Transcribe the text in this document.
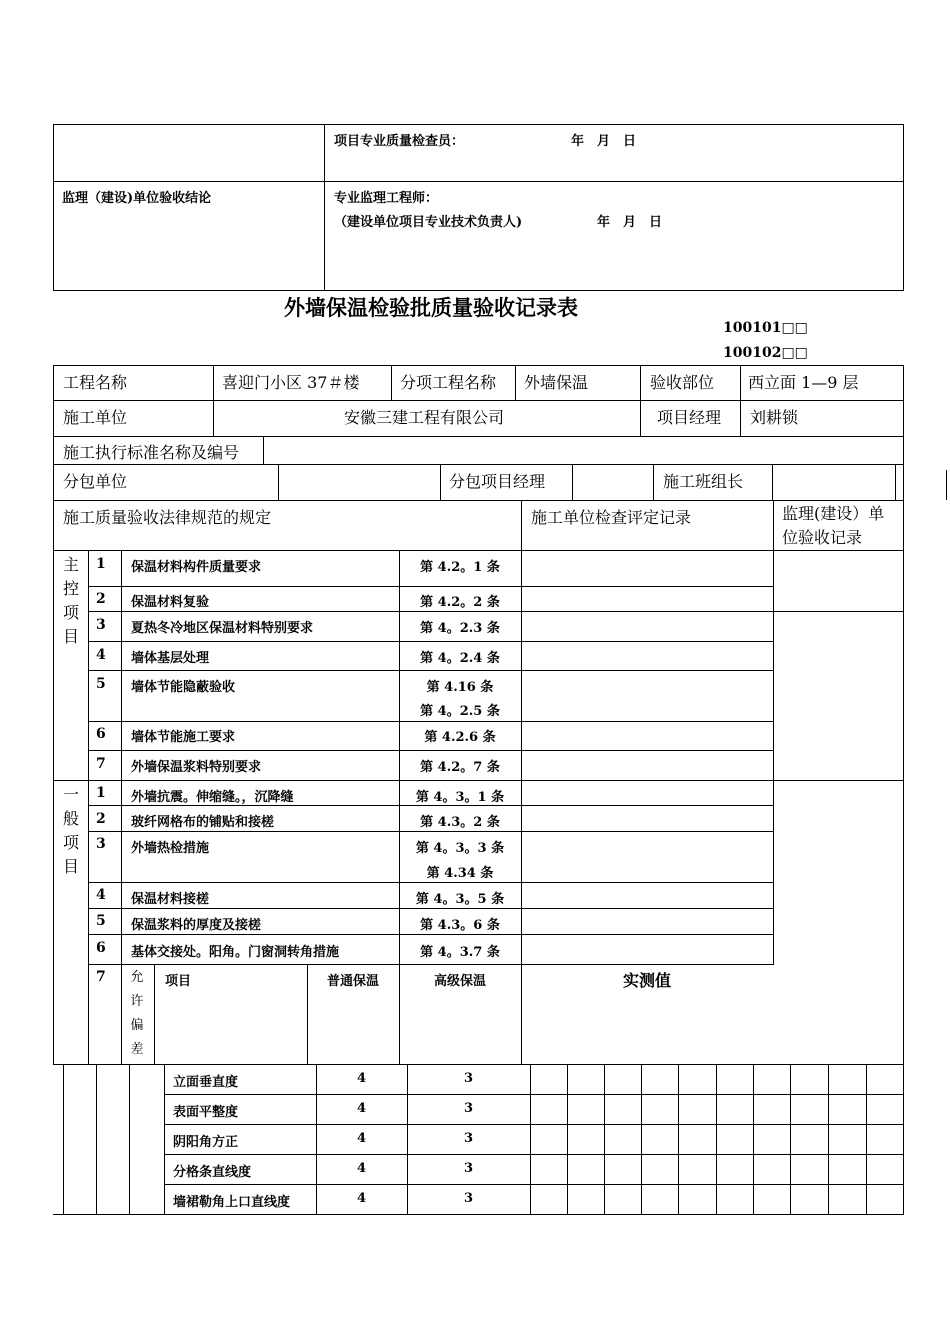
项目专业质量检查员：	年　月　日
监理（建设)单位验收结论	专业监理工程师：
（建设单位项目专业技术负责人)	年　月　日
外墙保温检验批质量验收记录表
100101□□
100102□□
工程名称	喜迎门小区 37＃楼	分项工程名称 外墙保温	验收部位 西立面 1—9 层
施工单位	安徽三建工程有限公司	项目经理 刘耕锁
施工执行标准名称及编号
分包单位	分包项目经理	施工班组长
施工质量验收法律规范的规定	施工单位检查评定记录	监理(建设）单位验收记录
主
控
项
目
1 保温材料构件质量要求	第 4.2。1 条
2 保温材料复验	第 4.2。2 条
3 夏热冬冷地区保温材料特别要求	第 4。2.3 条
4 墙体基层处理	第 4。2.4 条
5 墙体节能隐蔽验收	第 4.16 条
第 4。2.5 条
6 墙体节能施工要求	第 4.2.6 条
7 外墙保温浆料特别要求	第 4.2。7 条
一
般
项
目
1 外墙抗震。伸缩缝。，沉降缝	第 4。3。1 条
2 玻纤网格布的铺贴和接槎	第 4.3。2 条
3 外墙热检措施	第 4。3。3 条
第 4.34 条
4 保温材料接槎	第 4。3。5 条
5 保温浆料的厚度及接槎	第 4.3。6 条
6 基体交接处。阳角。门窗洞转角措施	第 4。3.7 条
7 允
许
偏
差
项目	普通保温	高级保温	实测值
立面垂直度	4	3
表面平整度	4	3
阴阳角方正	4	3
分格条直线度	4	3
墙裙勒角上口直线度	4	3
